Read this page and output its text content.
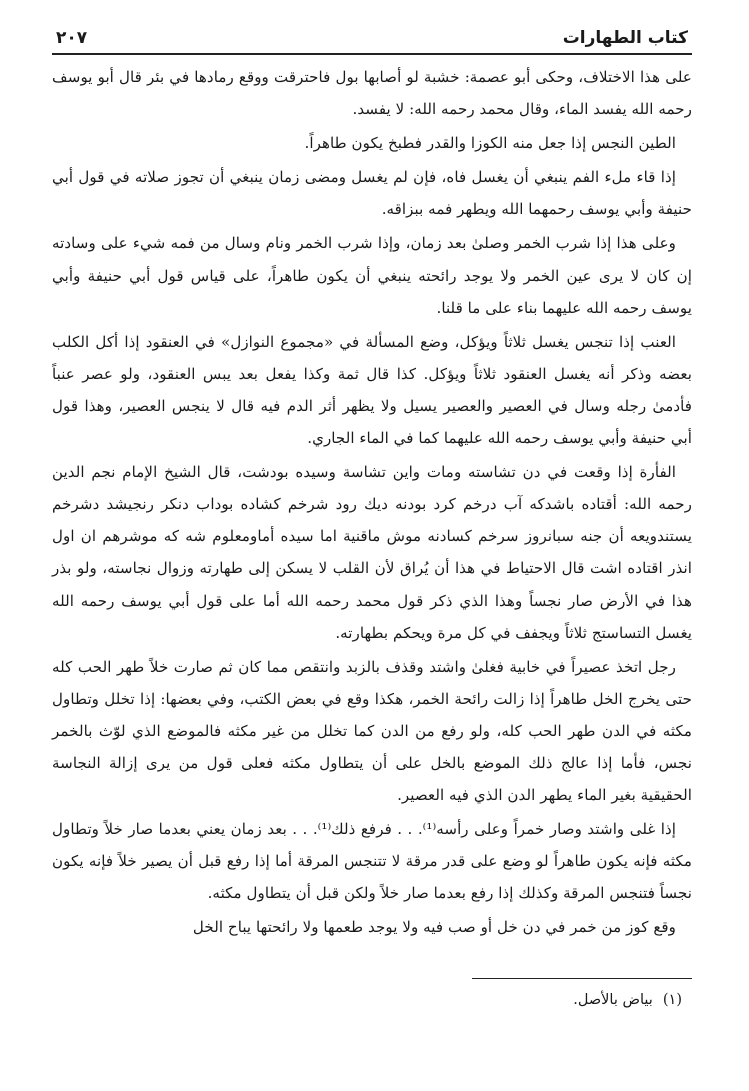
كتاب الطهارات
٢٠٧

على هذا الاختلاف، وحكى أبو عصمة: خشبة لو أصابها بول فاحترقت ووقع رمادها في بئر قال أبو يوسف رحمه الله يفسد الماء، وقال محمد رحمه الله: لا يفسد.

الطين النجس إذا جعل منه الكوزا والقدر فطبخ يكون طاهراً.

إذا قاء ملء الفم ينبغي أن يغسل فاه، فإن لم يغسل ومضى زمان ينبغي أن تجوز صلاته في قول أبي حنيفة وأبي يوسف رحمهما الله ويطهر فمه ببزاقه.

وعلى هذا إذا شرب الخمر وصلىٰ بعد زمان، وإذا شرب الخمر ونام وسال من فمه شيء على وسادته إن كان لا يرى عين الخمر ولا يوجد رائحته ينبغي أن يكون طاهراً، على قياس قول أبي حنيفة وأبي يوسف رحمه الله عليهما بناء على ما قلنا.

العنب إذا تنجس يغسل ثلاثاً ويؤكل، وضع المسألة في «مجموع النوازل» في العنقود إذا أكل الكلب بعضه وذكر أنه يغسل العنقود ثلاثاً ويؤكل. كذا قال ثمة وكذا يفعل بعد يبس العنقود، ولو عصر عنباً فأدمىٰ رجله وسال في العصير والعصير يسيل ولا يظهر أثر الدم فيه قال لا ينجس العصير، وهذا قول أبي حنيفة وأبي يوسف رحمه الله عليهما كما في الماء الجاري.

الفأرة إذا وقعت في دن تشاسته ومات واين تشاسة وسيده بودشت، قال الشيخ الإمام نجم الدين رحمه الله: أقتاده باشدكه آب درخم كرد بودنه ديك رود شرخم كشاده بوداب دنكر رنجيشد دشرخم يستندويعه أن جنه سبانروز سرخم كسادنه موش ماقنية اما سيده أماومعلوم شه كه موشرهم ان اول انذر اقتاده اشت قال الاحتياط في هذا أن يُراق لأن القلب لا يسكن إلى طهارته وزوال نجاسته، ولو بذر هذا في الأرض صار نجساً وهذا الذي ذكر قول محمد رحمه الله أما على قول أبي يوسف رحمه الله يغسل التساستج ثلاثاً ويجفف في كل مرة ويحكم بطهارته.

رجل اتخذ عصيراً في خابية فغلىٰ واشتد وقذف بالزبد وانتقص مما كان ثم صارت خلاً طهر الحب كله حتى يخرج الخل طاهراً إذا زالت رائحة الخمر، هكذا وقع في بعض الكتب، وفي بعضها: إذا تخلل وتطاول مكثه في الدن طهر الحب كله، ولو رفع من الدن كما تخلل من غير مكثه فالموضع الذي لوّث بالخمر نجس، فأما إذا عالج ذلك الموضع بالخل على أن يتطاول مكثه فعلى قول من يرى إزالة النجاسة الحقيقية بغير الماء يطهر الدن الذي فيه العصير.

إذا غلى واشتد وصار خمراً وعلى رأسه⁽¹⁾. . . فرفع ذلك⁽¹⁾. . . بعد زمان يعني بعدما صار خلاً وتطاول مكثه فإنه يكون طاهراً لو وضع على قدر مرقة لا تتنجس المرقة أما إذا رفع قبل أن يصير خلاً فإنه يكون نجساً فتنجس المرقة وكذلك إذا رفع بعدما صار خلاً ولكن قبل أن يتطاول مكثه.

وقع كوز من خمر في دن خل أو صب فيه ولا يوجد طعمها ولا رائحتها يباح الخل

(١)بياض بالأصل.
